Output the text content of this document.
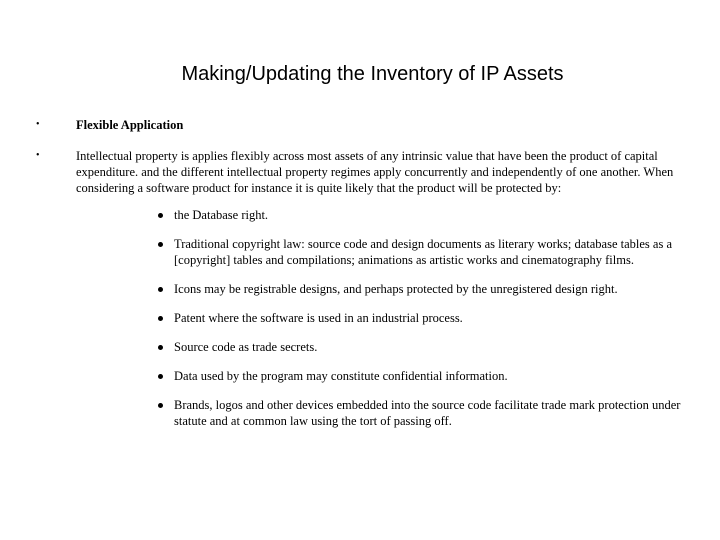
Making/Updating the Inventory of IP Assets
•	Flexible Application
•	Intellectual property is applies flexibly across most assets of any intrinsic value that have been the product of capital expenditure. and the different intellectual property regimes apply concurrently and independently of one another. When considering a software product for instance it is quite likely that the product will be protected by:
the Database right.
Traditional copyright law: source code and design documents as literary works; database tables as a [copyright] tables and compilations; animations as artistic works and cinematography films.
Icons may be registrable designs, and perhaps protected by the unregistered design right.
Patent where the software is used in an industrial process.
Source code as trade secrets.
Data used by the program may constitute confidential information.
Brands, logos and other devices embedded into the source code facilitate trade mark protection under statute and at common law using the tort of passing off.
